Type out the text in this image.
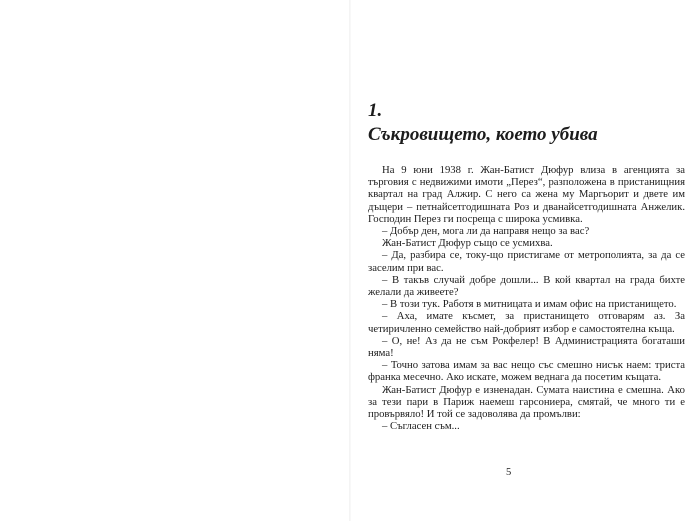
1.
Съкровището, което убива

На 9 юни 1938 г. Жан-Батист Дюфур влиза в агенцията за търговия с недвижими имоти „Перез“, разположена в пристанищния квартал на град Алжир. С него са жена му Маргьорит и двете им дъщери – петнайсетгодишната Роз и дванайсетгодишната Анжелик. Господин Перез ги посреща с широка усмивка.

– Добър ден, мога ли да направя нещо за вас?

Жан-Батист Дюфур също се усмихва.

– Да, разбира се, току-що пристигаме от метрополията, за да се заселим при вас.

– В такъв случай добре дошли... В кой квартал на града бихте желали да живеете?

– В този тук. Работя в митницата и имам офис на пристанището.

– Аха, имате късмет, за пристанището отговарям аз. За четиричленно семейство най-добрият избор е самостоятелна къща.

– О, не! Аз да не съм Рокфелер! В Администрацията богаташи няма!

– Точно затова имам за вас нещо със смешно нисък наем: триста франка месечно. Ако искате, можем веднага да посетим къщата.

Жан-Батист Дюфур е изненадан. Сумата наистина е смешна. Ако за тези пари в Париж наемеш гарсониера, смятай, че много ти е провървяло! И той се задоволява да промълви:

– Съгласен съм...

5
